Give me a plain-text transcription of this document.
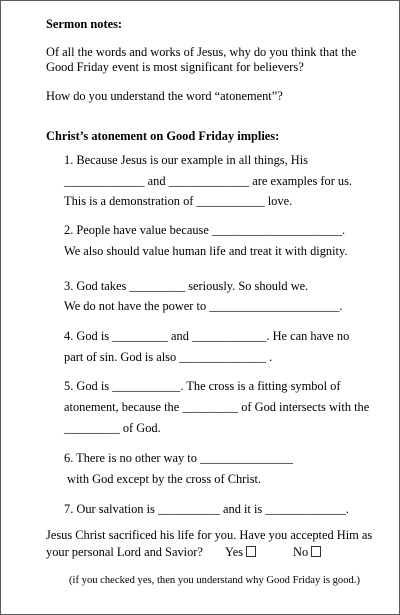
Sermon notes:
Of all the words and works of Jesus, why do you think that the
Good Friday event is most significant for believers?
How do you understand the word “atonement”?
Christ’s atonement on Good Friday implies:
1. Because Jesus is our example in all things, His
_____________ and _____________ are examples for us.
This is a demonstration of ___________ love.
2. People have value because _____________________.
We also should value human life and treat it with dignity.
3. God takes _________ seriously. So should we.
We do not have the power to _____________________.
4. God is _________ and ____________. He can have no
part of sin. God is also ______________ .
5. God is ___________. The cross is a fitting symbol of
atonement, because the _________ of God intersects with the
_________ of God.
6. There is no other way to _______________
with God except by the cross of Christ.
7. Our salvation is __________ and it is _____________.
Jesus Christ sacrificed his life for you. Have you accepted Him as
your personal Lord and Savior? Yes	No
(if you checked yes, then you understand why Good Friday is good.)
